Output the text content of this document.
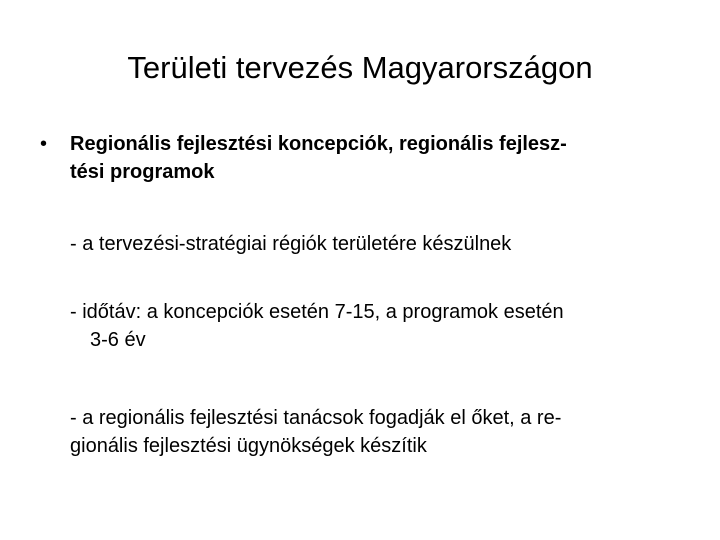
Területi tervezés Magyarországon
•	Regionális fejlesztési koncepciók, regionális fejlesz-
tési programok
- a tervezési-stratégiai régiók területére készülnek
- időtáv: a koncepciók esetén 7-15, a programok esetén
3-6 év
- a regionális fejlesztési tanácsok fogadják el őket, a re-
gionális fejlesztési ügynökségek készítik
